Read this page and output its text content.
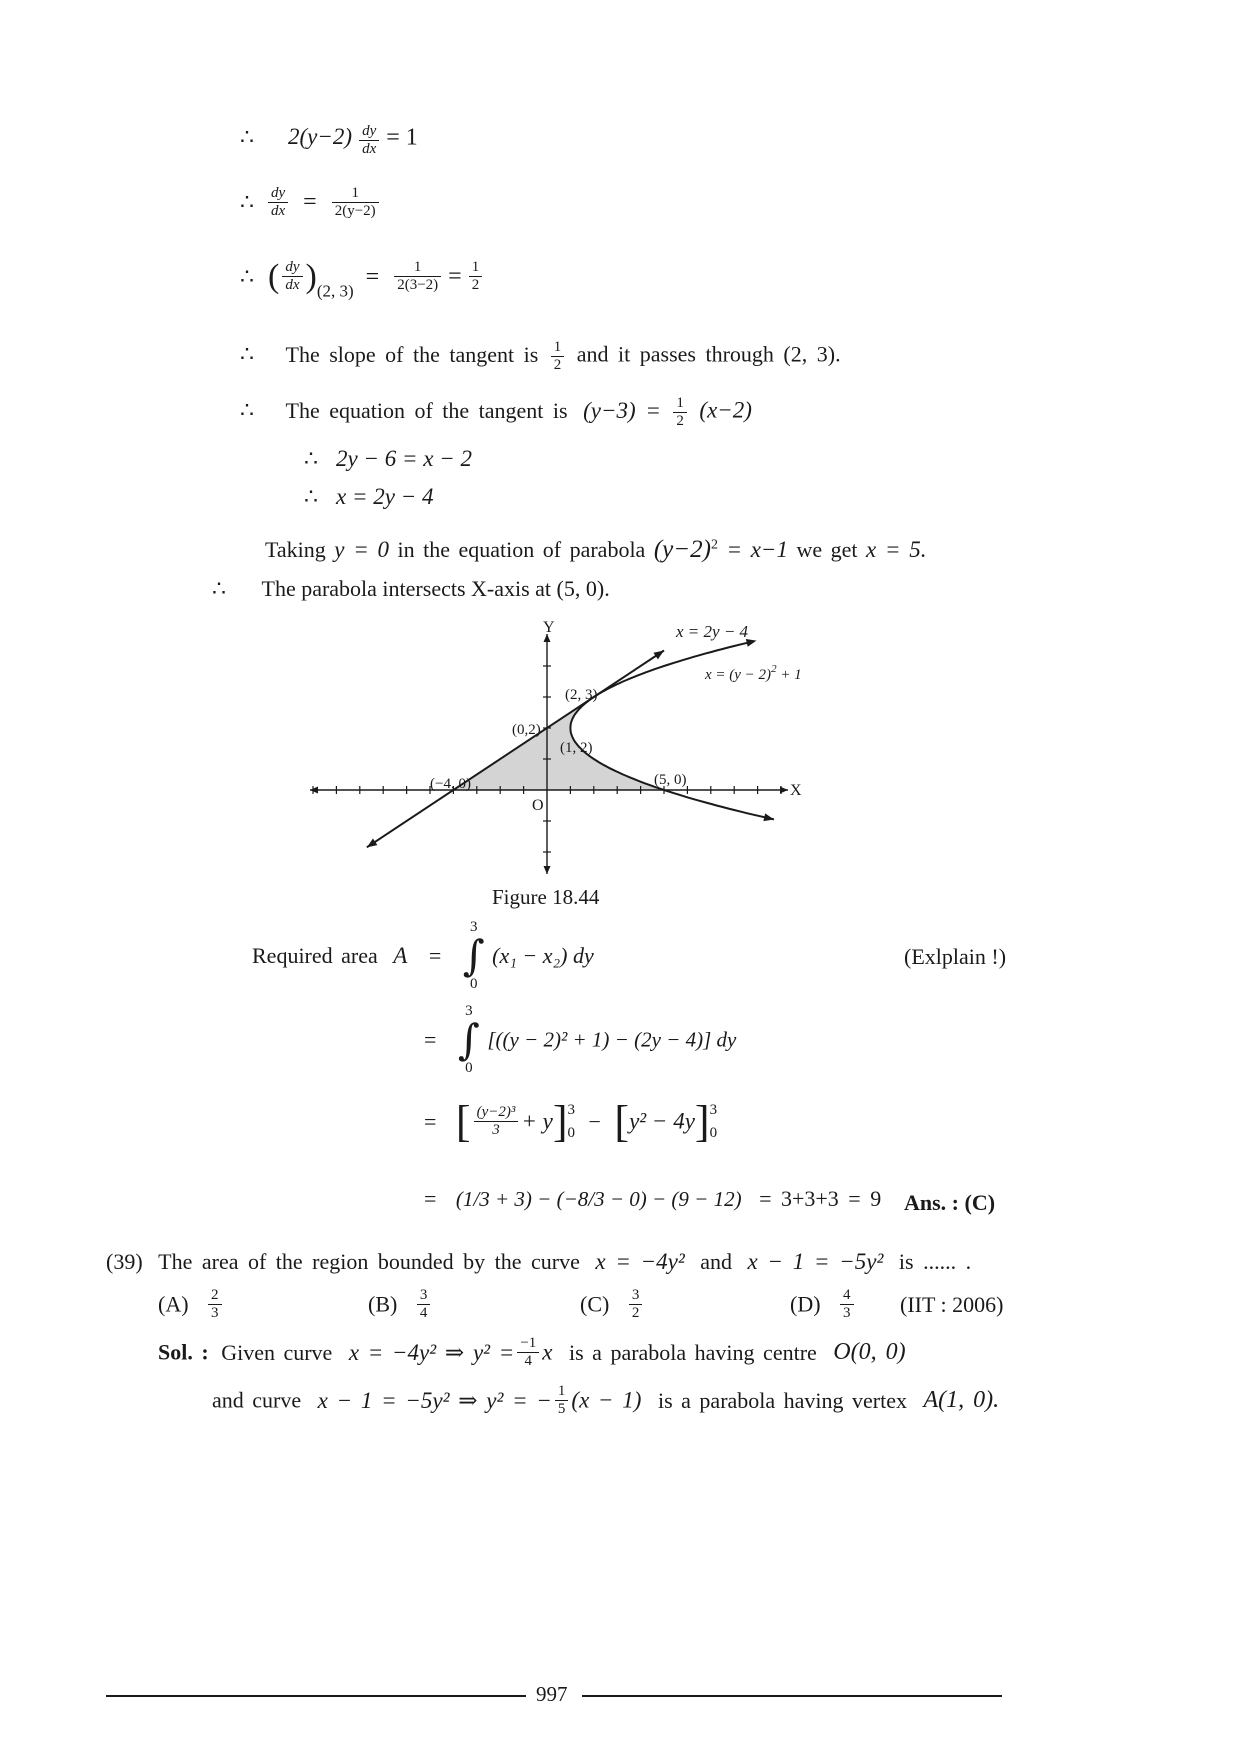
∴ $2(y-2) \frac{dy}{dx} = 1$
∴ $\frac{dy}{dx} = \frac{1}{2(y-2)}$
∴ ( $\frac{dy}{dx} )(2$, $3) = \frac{1}{2(3-2)} = \frac{1}{2}$
∴ The slope of the tangent is $\frac{1}{2}$ and it passes through (2, 3).
∴ The equation of the tangent is $(y-3) = \frac{1}{2} (x-2)$
∴ 2y − 6 = x − 2
∴ x = 2y − 4
Taking y = 0 in the equation of parabola $(y-2)^2 = x-1$ we get x = 5.
∴ The parabola intersects X-axis at (5, 0).
Y
X
O
x = 2y − 4
$x = (y - 2)^2 + 1$
(2, 3)
(0,2)
(1, 2)
(−4, 0)	(5, 0)
Figure 18.44
Required area A =
3
∫
0
(x₁ − x₂) dy	(Exlplain !)
=
3
∫
0
[((y − 2)² + 1) − (2y − 4)] dy
= [ $\frac{\text{(y−2)³}}{3} + y$] 3
0 − [y² − 4y] 3
0
= (1/3 + 3) − (−8/3 − 0) − (9 − 12) = 3+3+3 = 9 Ans. : (C)
(39) The area of the region bounded by the curve x = −4y² and x − 1 = −5y² is ...... .
$(A) \frac{2}{3}$	$(B) \frac{3}{4}$	$(C) \frac{3}{2}$	$(D) \frac{4}{3} (IIT$ : 2006)
Sol. : Given curve x = −4y² ⇒ $y^2 = \frac{-1}{4}$ x is a parabola having centre O(0, 0)
and curve x − 1 = −5y² ⇒ y² = − $\frac{1}{5} (x - 1)$ is a parabola having vertex A(1, 0).
997
